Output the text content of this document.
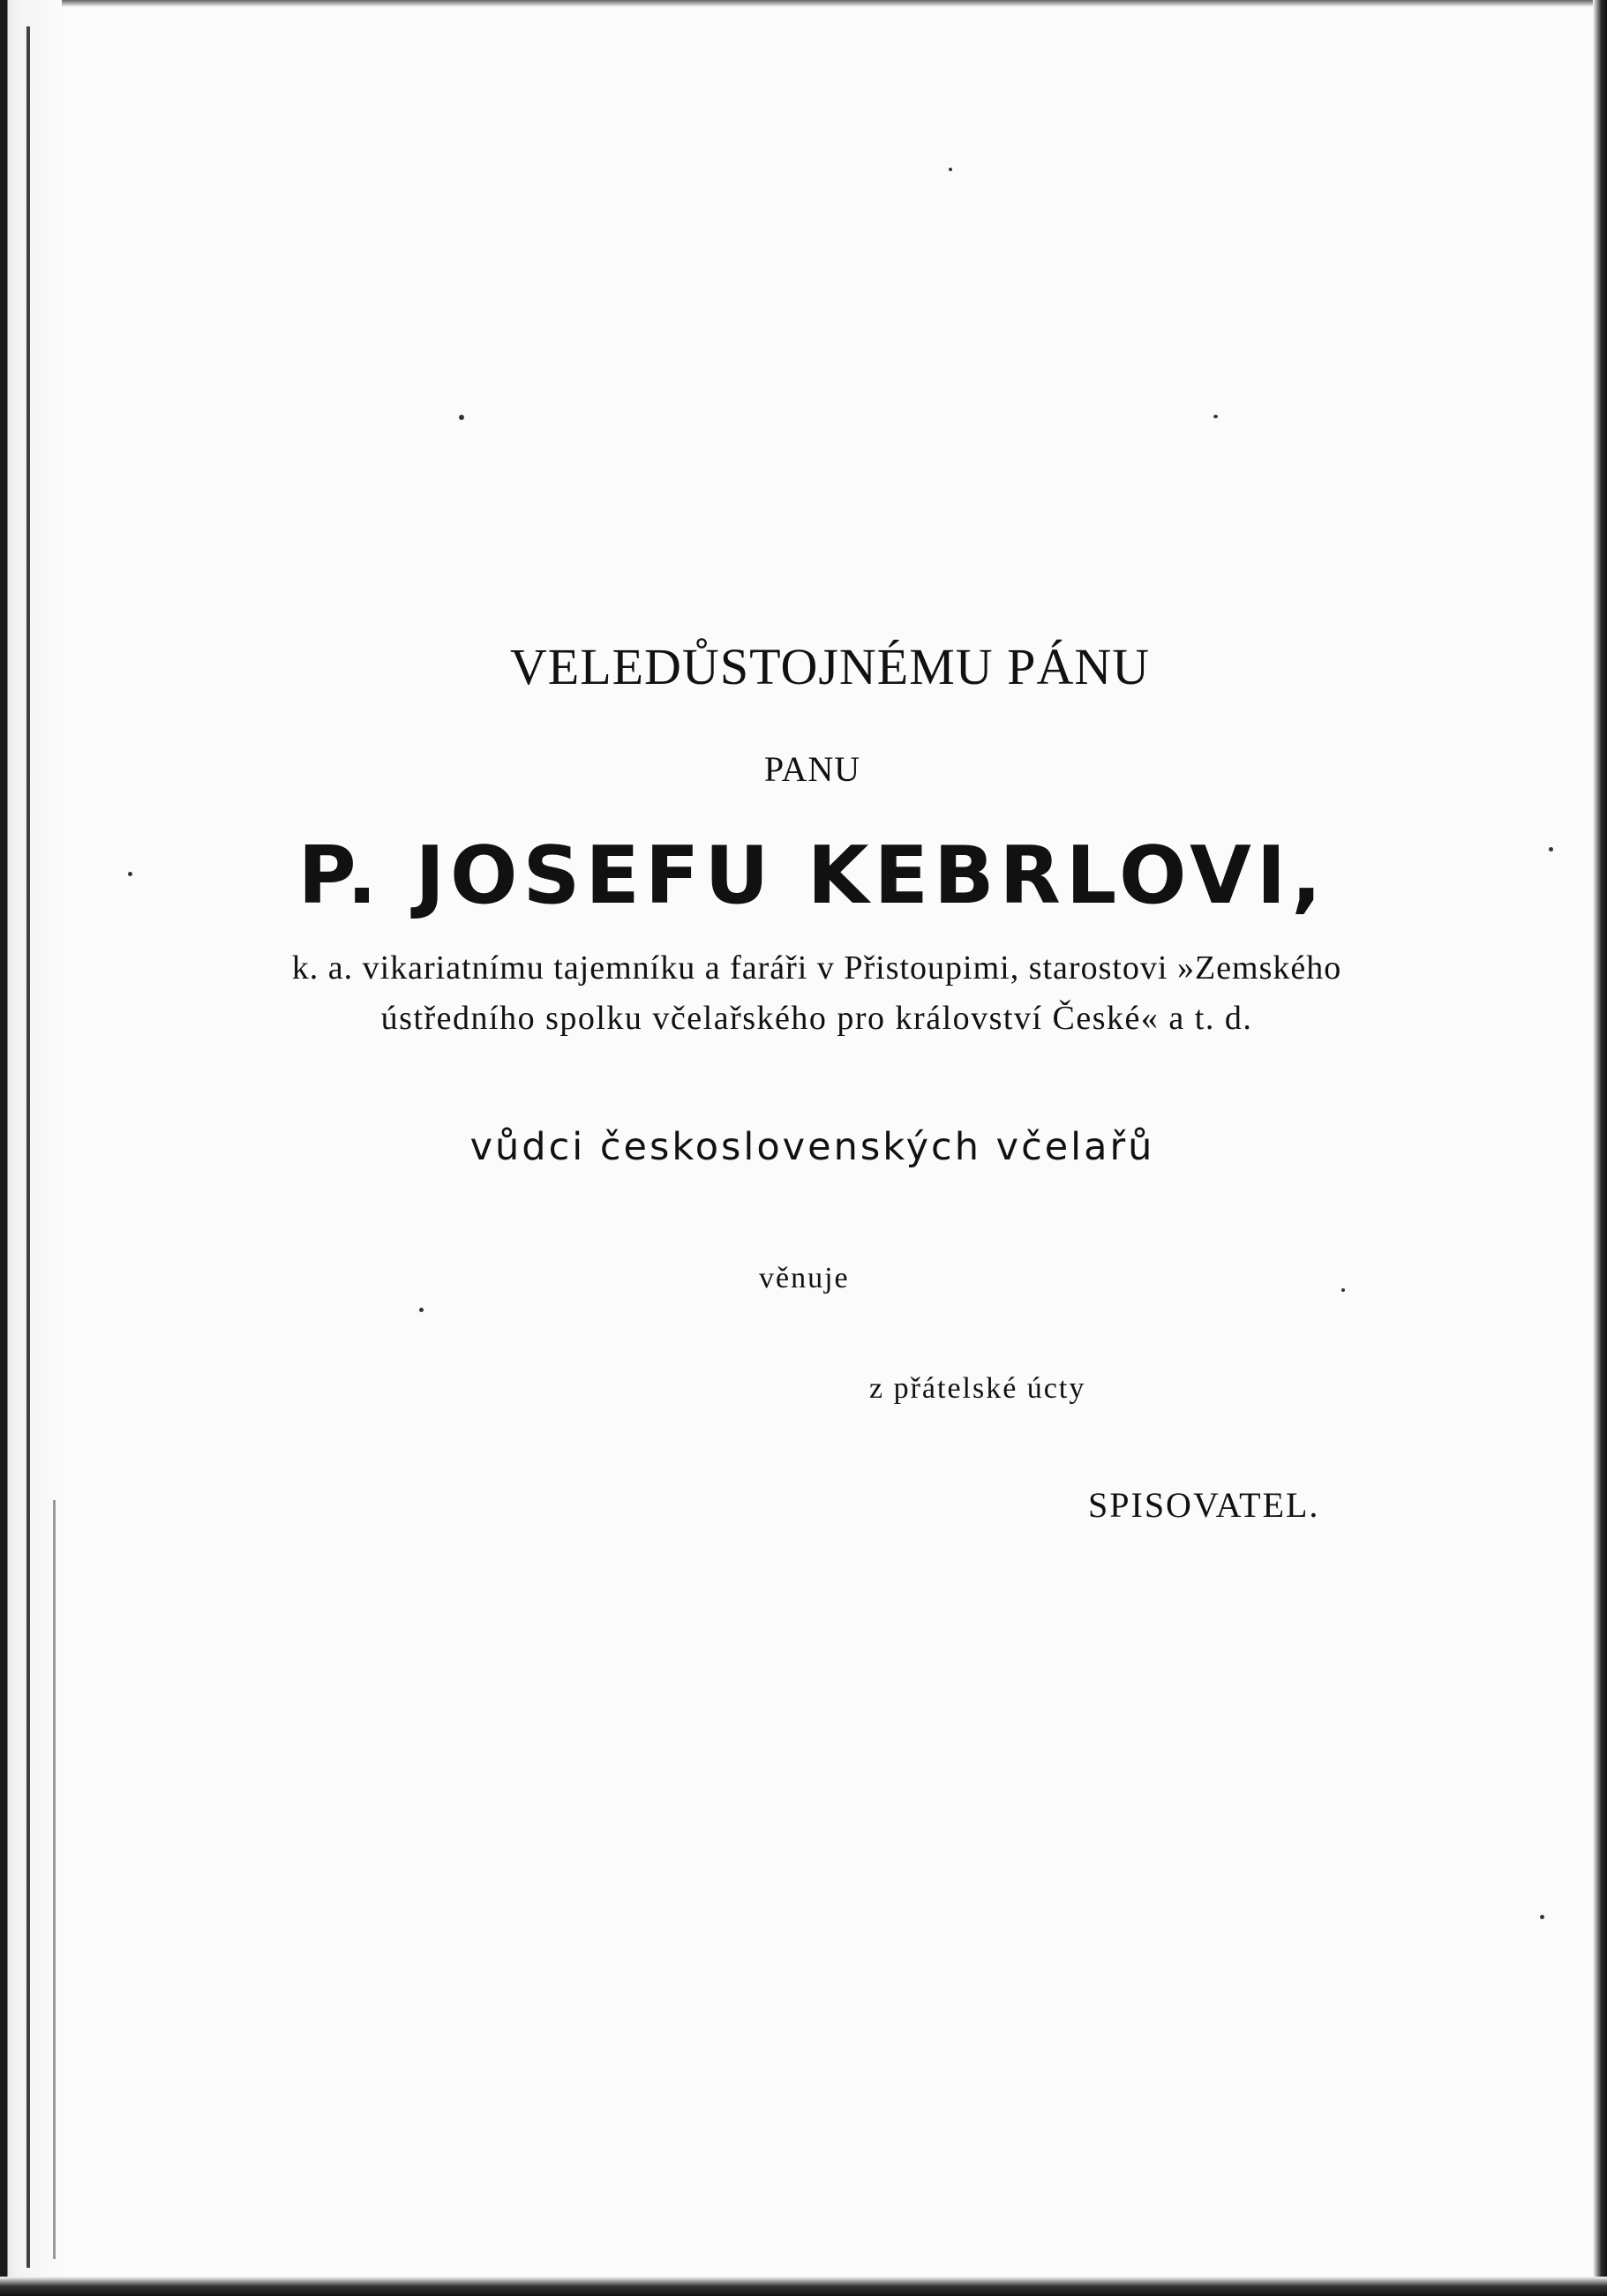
VELEDŮSTOJNÉMU PÁNU
PANU
P. JOSEFU KEBRLOVI,
k. a. vikariatnímu tajemníku a faráři v Přistoupimi, starostovi »Zemského
ústředního spolku včelařského pro království České« a t. d.
vůdci československých včelařů
věnuje
z přátelské úcty
SPISOVATEL.
